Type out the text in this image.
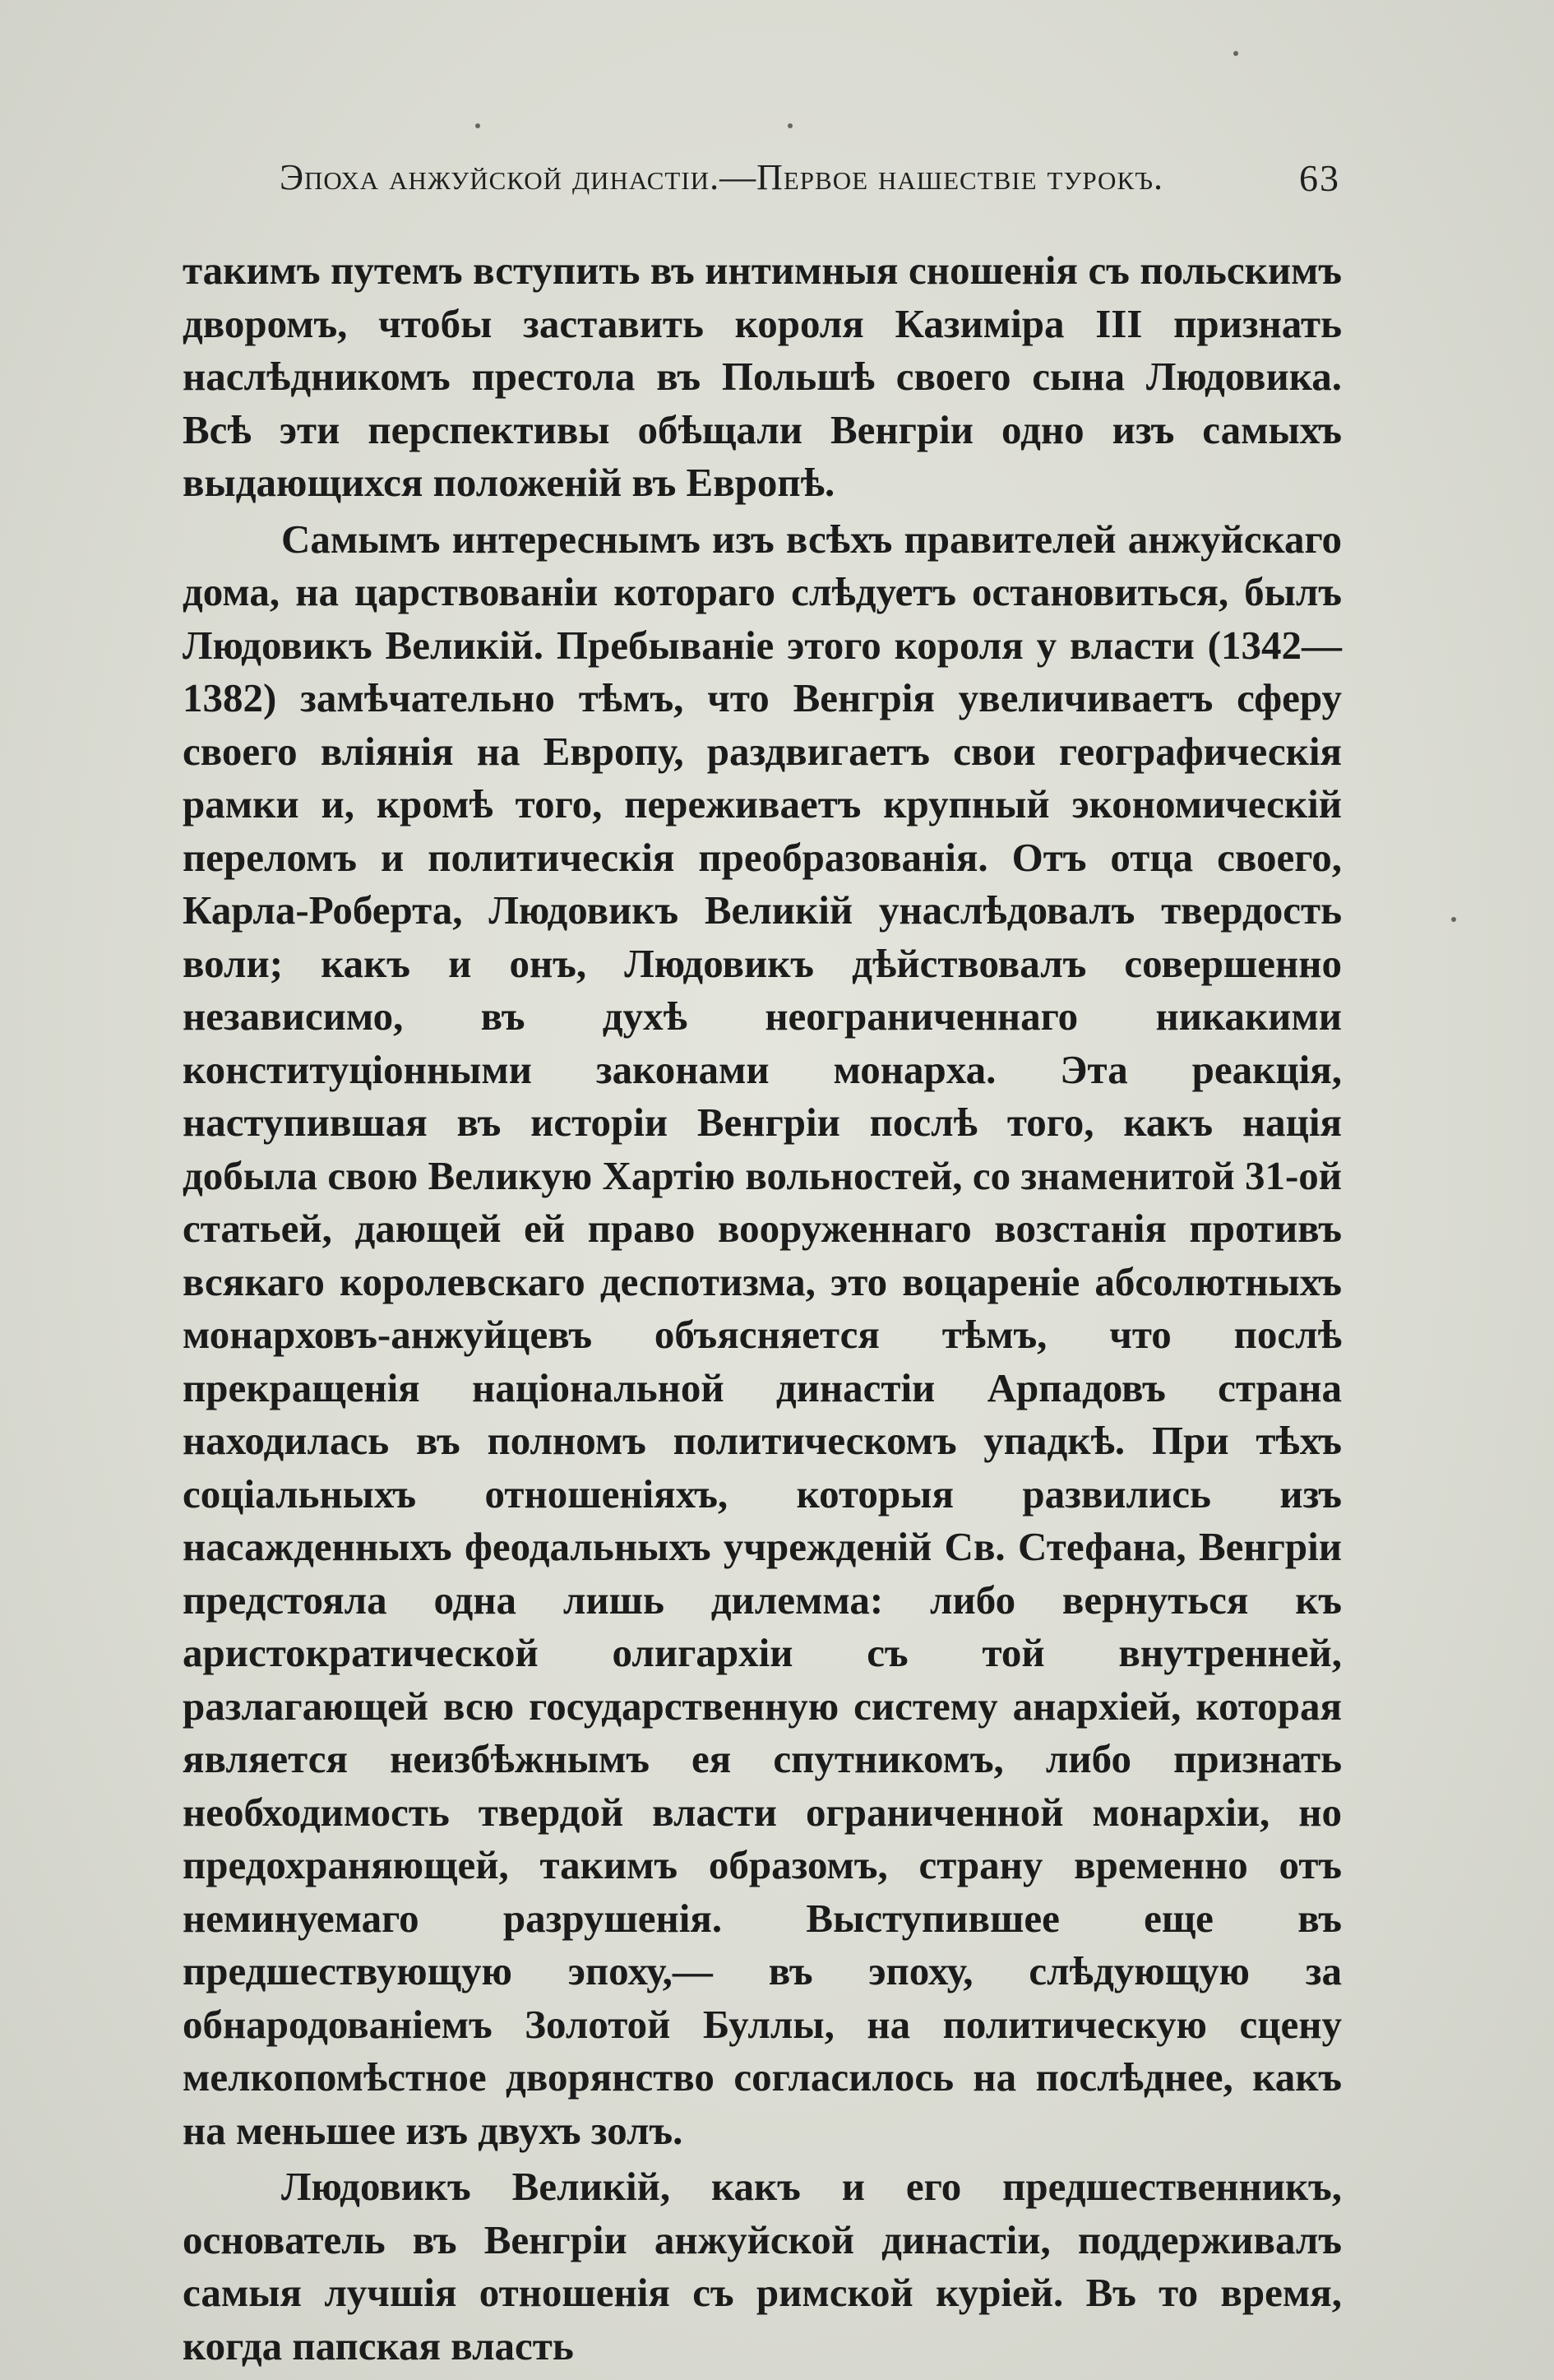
Эпоха анжуйской династіи.—Первое нашествіе турокъ.	63

такимъ путемъ вступить въ интимныя сношенія съ польскимъ дворомъ, чтобы заставить короля Казиміра III признать наслѣдникомъ престола въ Польшѣ своего сына Людовика. Всѣ эти перспективы обѣщали Венгріи одно изъ самыхъ выдающихся положеній въ Европѣ.

Самымъ интереснымъ изъ всѣхъ правителей анжуйскаго дома, на царствованіи котораго слѣдуетъ остановиться, былъ Людовикъ Великій. Пребываніе этого короля у власти (1342—1382) замѣчательно тѣмъ, что Венгрія увеличиваетъ сферу своего вліянія на Европу, раздвигаетъ свои географическія рамки и, кромѣ того, переживаетъ крупный экономическій переломъ и политическія преобразованія. Отъ отца своего, Карла-Роберта, Людовикъ Великій унаслѣдовалъ твердость воли; какъ и онъ, Людовикъ дѣйствовалъ совершенно независимо, въ духѣ неограниченнаго никакими конституціонными законами монарха. Эта реакція, наступившая въ исторіи Венгріи послѣ того, какъ нація добыла свою Великую Хартію вольностей, со знаменитой 31-ой статьей, дающей ей право вооруженнаго возстанія противъ всякаго королевскаго деспотизма, это воцареніе абсолютныхъ монарховъ-анжуйцевъ объясняется тѣмъ, что послѣ прекращенія національной династіи Арпадовъ страна находилась въ полномъ политическомъ упадкѣ. При тѣхъ соціальныхъ отношеніяхъ, которыя развились изъ насажденныхъ феодальныхъ учрежденій Св. Стефана, Венгріи предстояла одна лишь дилемма: либо вернуться къ аристократической олигархіи съ той внутренней, разлагающей всю государственную систему анархіей, которая является неизбѣжнымъ ея спутникомъ, либо признать необходимость твердой власти ограниченной монархіи, но предохраняющей, такимъ образомъ, страну временно отъ неминуемаго разрушенія. Выступившее еще въ предшествующую эпоху,— въ эпоху, слѣдующую за обнародованіемъ Золотой Буллы, на политическую сцену мелкопомѣстное дворянство согласилось на послѣднее, какъ на меньшее изъ двухъ золъ.

Людовикъ Великій, какъ и его предшественникъ, основатель въ Венгріи анжуйской династіи, поддерживалъ самыя лучшія отношенія съ римской куріей. Въ то время, когда папская власть
